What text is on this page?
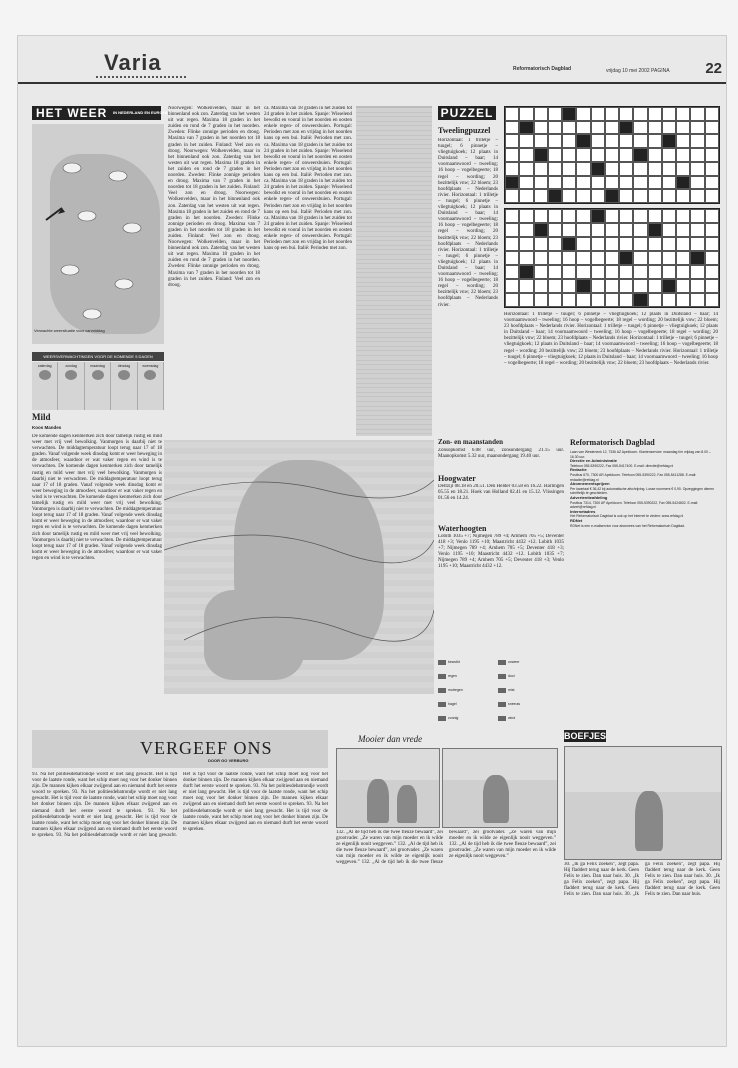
Varia	Reformatorisch Dagblad	vrijdag 10 mei 2002 PAGINA	22
HET WEER	IN NEDERLAND EN EUROPA
Verwachte weersituatie voor vanmiddag
WEERSVERWACHTINGEN VOOR DE KOMENDE 5 DAGEN
zaterdag	zondag	maandag	dinsdag	woensdag
Mild
Koos Mandes
De komende dagen kenmerken zich door tamelijk rustig en mild weer met vrij veel bewolking. Vanmorgen is daarbij niet te verwachten. De middagtemperatuur loopt terug naar 17 of 18 graden. Vanaf volgende week dinsdag komt er weer beweging in de atmosfeer, waardoor er wat vaker regen en wind is te verwachten. De komende dagen kenmerken zich door tamelijk rustig en mild weer met vrij veel bewolking. Vanmorgen is daarbij niet te verwachten. De middagtemperatuur loopt terug naar 17 of 18 graden. Vanaf volgende week dinsdag komt er weer beweging in de atmosfeer, waardoor er wat vaker regen en wind is te verwachten. De komende dagen kenmerken zich door tamelijk rustig en mild weer met vrij veel bewolking. Vanmorgen is daarbij niet te verwachten. De middagtemperatuur loopt terug naar 17 of 18 graden. Vanaf volgende week dinsdag komt er weer beweging in de atmosfeer, waardoor er wat vaker regen en wind is te verwachten. De komende dagen kenmerken zich door tamelijk rustig en mild weer met vrij veel bewolking. Vanmorgen is daarbij niet te verwachten. De middagtemperatuur loopt terug naar 17 of 18 graden. Vanaf volgende week dinsdag komt er weer beweging in de atmosfeer, waardoor er wat vaker regen en wind is te verwachten.
Noorwegen: Wolkenvelden, maar in het binnenland ook zon. Zaterdag van het westen uit wat regen. Maxima 18 graden in het zuiden en rond de 7 graden in het noorden. Zweden: Flinke zonnige perioden en droog. Maxima van 7 graden in het noorden tot 18 graden in het zuiden. Finland: Veel zon en droog. Noorwegen: Wolkenvelden, maar in het binnenland ook zon. Zaterdag van het westen uit wat regen. Maxima 18 graden in het zuiden en rond de 7 graden in het noorden. Zweden: Flinke zonnige perioden en droog. Maxima van 7 graden in het noorden tot 18 graden in het zuiden. Finland: Veel zon en droog. Noorwegen: Wolkenvelden, maar in het binnenland ook zon. Zaterdag van het westen uit wat regen. Maxima 18 graden in het zuiden en rond de 7 graden in het noorden. Zweden: Flinke zonnige perioden en droog. Maxima van 7 graden in het noorden tot 18 graden in het zuiden. Finland: Veel zon en droog. Noorwegen: Wolkenvelden, maar in het binnenland ook zon. Zaterdag van het westen uit wat regen. Maxima 18 graden in het zuiden en rond de 7 graden in het noorden. Zweden: Flinke zonnige perioden en droog. Maxima van 7 graden in het noorden tot 18 graden in het zuiden. Finland: Veel zon en droog.
ca. Maxima van 18 graden in het zuiden tot 24 graden in het zuiden. Spanje: Wisselend bewolkt en vooral in het noorden en oosten enkele regen- of onweersbuien. Portugal: Perioden met zon en vrijdag in het noorden kans op een bui. Italië: Perioden met zon. ca. Maxima van 18 graden in het zuiden tot 24 graden in het zuiden. Spanje: Wisselend bewolkt en vooral in het noorden en oosten enkele regen- of onweersbuien. Portugal: Perioden met zon en vrijdag in het noorden kans op een bui. Italië: Perioden met zon. ca. Maxima van 18 graden in het zuiden tot 24 graden in het zuiden. Spanje: Wisselend bewolkt en vooral in het noorden en oosten enkele regen- of onweersbuien. Portugal: Perioden met zon en vrijdag in het noorden kans op een bui. Italië: Perioden met zon. ca. Maxima van 18 graden in het zuiden tot 24 graden in het zuiden. Spanje: Wisselend bewolkt en vooral in het noorden en oosten enkele regen- of onweersbuien. Portugal: Perioden met zon en vrijdag in het noorden kans op een bui. Italië: Perioden met zon.
PUZZEL
Tweelingpuzzel
Horizontaal: 1 trilletje – tuugel; 6 pinnetje – vliegtuigkoek; 12 plaats in Duitsland – baar; 14 voornaamwoord – tweeling; 16 hoop – vogelbegeerte; 18 regel – wording; 20 bezittelijk vnw; 22 bloem; 23 hoofdplaats – Nederlands rivier. Horizontaal: 1 trilletje – tuugel; 6 pinnetje – vliegtuigkoek; 12 plaats in Duitsland – baar; 14 voornaamwoord – tweeling; 16 hoop – vogelbegeerte; 18 regel – wording; 20 bezittelijk vnw; 22 bloem; 23 hoofdplaats – Nederlands rivier. Horizontaal: 1 trilletje – tuugel; 6 pinnetje – vliegtuigkoek; 12 plaats in Duitsland – baar; 14 voornaamwoord – tweeling; 16 hoop – vogelbegeerte; 18 regel – wording; 20 bezittelijk vnw; 22 bloem; 23 hoofdplaats – Nederlands rivier.
Horizontaal: 1 trilletje – tuugel; 6 pinnetje – vliegtuigkoek; 12 plaats in Duitsland – baar; 14 voornaamwoord – tweeling; 16 hoop – vogelbegeerte; 18 regel – wording; 20 bezittelijk vnw; 22 bloem; 23 hoofdplaats – Nederlands rivier. Horizontaal: 1 trilletje – tuugel; 6 pinnetje – vliegtuigkoek; 12 plaats in Duitsland – baar; 14 voornaamwoord – tweeling; 16 hoop – vogelbegeerte; 18 regel – wording; 20 bezittelijk vnw; 22 bloem; 23 hoofdplaats – Nederlands rivier. Horizontaal: 1 trilletje – tuugel; 6 pinnetje – vliegtuigkoek; 12 plaats in Duitsland – baar; 14 voornaamwoord – tweeling; 16 hoop – vogelbegeerte; 18 regel – wording; 20 bezittelijk vnw; 22 bloem; 23 hoofdplaats – Nederlands rivier. Horizontaal: 1 trilletje – tuugel; 6 pinnetje – vliegtuigkoek; 12 plaats in Duitsland – baar; 14 voornaamwoord – tweeling; 16 hoop – vogelbegeerte; 18 regel – wording; 20 bezittelijk vnw; 22 bloem; 23 hoofdplaats – Nederlands rivier.
Zon- en maanstanden
Zonsopkomst 6.08 uur, zonsondergang 21.15 uur. Maanopkomst 5.32 uur, maanondergang 19.40 uur.
Hoogwater
Delfzijl 08.18 en 20.51. Den Helder 03.58 en 16.22. Harlingen 05.55 en 18.21. Hoek van Holland 02.41 en 15.12. Vlissingen 01.56 en 14.24.
Waterhoogten
Lobith 1035 +7; Nijmegen 789 +4; Arnhem 705 +5; Deventer 418 +3; Venlo 1195 +10; Maastricht 4432 +12. Lobith 1035 +7; Nijmegen 789 +4; Arnhem 705 +5; Deventer 418 +3; Venlo 1195 +10; Maastricht 4432 +12. Lobith 1035 +7; Nijmegen 789 +4; Arnhem 705 +5; Deventer 418 +3; Venlo 1195 +10; Maastricht 4432 +12.
bewolkt	onweer
regen	dooi
motregen	mist
hagel	sneeuw
zonnig	wind
Reformatorisch Dagblad
Laan van Westenenk 12, 7336 AZ Apeldoorn. Klantenservice: maandag t/m vrijdag van 8.00 – 16.30 uur.
Directie en Administratie
Telefoon 055-5390222, Fax 055-5417400. E-mail: directie@refdag.nl
Redactie
Postbus 670, 7300 AR Apeldoorn. Telefoon 055-5390222, Fax 055-5411288. E-mail: redactie@refdag.nl
Abonnementsprijzen
Per kwartaal € 36,42 bij automatische afschrijving. Losse nummers € 0,90. Opzeggingen dienen schriftelijk te geschieden.
Advertentieafdeling
Postbus 7314, 7300 AP Apeldoorn. Telefoon 055-5390222, Fax 055-5424802. E-mail: advert@refdag.nl
Internetadres
Het Reformatorisch Dagblad is ook op het internet te vinden: www.refdag.nl
RDNet
RDNet is een e-mailservice voor abonnees van het Reformatorisch Dagblad.
VERGEEF ONS
DOOR GO VERBURG
93. Na het politiesdebatrondje wordt er niet lang gewacht. Het is tijd voor de laatste ronde, want het schip moet nog voor het donker binnen zijn. De mannen kijken elkaar zwijgend aan en niemand durft het eerste woord te spreken. 93. Na het politiesdebatrondje wordt er niet lang gewacht. Het is tijd voor de laatste ronde, want het schip moet nog voor het donker binnen zijn. De mannen kijken elkaar zwijgend aan en niemand durft het eerste woord te spreken. 93. Na het politiesdebatrondje wordt er niet lang gewacht. Het is tijd voor de laatste ronde, want het schip moet nog voor het donker binnen zijn. De mannen kijken elkaar zwijgend aan en niemand durft het eerste woord te spreken. 93. Na het politiesdebatrondje wordt er niet lang gewacht. Het is tijd voor de laatste ronde, want het schip moet nog voor het donker binnen zijn. De mannen kijken elkaar zwijgend aan en niemand durft het eerste woord te spreken. 93. Na het politiesdebatrondje wordt er niet lang gewacht. Het is tijd voor de laatste ronde, want het schip moet nog voor het donker binnen zijn. De mannen kijken elkaar zwijgend aan en niemand durft het eerste woord te spreken. 93. Na het politiesdebatrondje wordt er niet lang gewacht. Het is tijd voor de laatste ronde, want het schip moet nog voor het donker binnen zijn. De mannen kijken elkaar zwijgend aan en niemand durft het eerste woord te spreken.
Mooier dan vrede
132. „Al de tijd heb ik die twee fleuze bewaard”, zei grootvader. „Ze waren van mijn moeder en ik wilde ze eigenlijk nooit weggeven.” 132. „Al de tijd heb ik die twee fleuze bewaard”, zei grootvader. „Ze waren van mijn moeder en ik wilde ze eigenlijk nooit weggeven.” 132. „Al de tijd heb ik die twee fleuze bewaard”, zei grootvader. „Ze waren van mijn moeder en ik wilde ze eigenlijk nooit weggeven.” 132. „Al de tijd heb ik die twee fleuze bewaard”, zei grootvader. „Ze waren van mijn moeder en ik wilde ze eigenlijk nooit weggeven.”
BOEFJES
30. „Ik ga Felix zoeken”, zegt papa. Hij fladdert terug naar de kerk. Geen Felix te zien. Dan naar huis. 30. „Ik ga Felix zoeken”, zegt papa. Hij fladdert terug naar de kerk. Geen Felix te zien. Dan naar huis. 30. „Ik ga Felix zoeken”, zegt papa. Hij fladdert terug naar de kerk. Geen Felix te zien. Dan naar huis. 30. „Ik ga Felix zoeken”, zegt papa. Hij fladdert terug naar de kerk. Geen Felix te zien. Dan naar huis.
